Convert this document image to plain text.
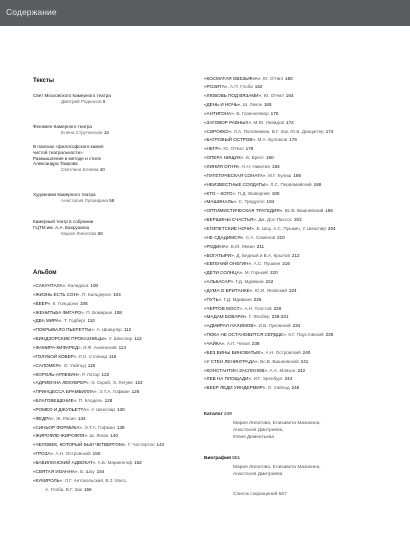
Содержание
Тексты
Свет Московского Камерного театра
Дмитрий Родионов 8
Феномен Камерного театра
Елена Струтинская 16
В поисках «философского камня
чистой театральности».
Размышления в методе и стиле
Александра Таирова
Светлана Еляева 40
Художники Камерного театра
Анастасия Лупандина 58
Камерный театр в собрании
ГЦТМ им. А.А. Бахрушина
Мария Липатова 88
Альбом
«САКУНТАЛА». Калидаса 100
«ЖИЗНЬ ЕСТЬ СОН». П. Кальдерон 104
«ВЕЕР». К. Гольдони 106
«ЖЕНИТЬБА ФИГАРО». П. Бомарше 108
«ДВА МИРА». Т. Годберг 110
«ПОКРЫВАЛО ПЬЕРЕТТЫ». А. Шницлер 112
«ВИНДЗОРСКИЕ ПРОКАЗНИЦЫ». У. Шекспир 112
«ФАМИРА-КИФАРЕД». И.Ф. Анненский 114
«ГОЛУБОЙ КОВЕР». Л.Н. Столица 116
«САЛОМЕЯ». О. Уайльд 118
«КОРОЛЬ-АРЛЕКИН». Р. Лотар 122
«АДРИЕННА ЛЕКУВРЕР». Э. Скриб, Э. Легуве 124
«ПРИНЦЕССА БРАМБИЛЛА». Э.Т.А. Гофман 126
«БЛАГОВЕЩЕНИЕ». П. Клодель 128
«РОМЕО И ДЖУЛЬЕТТА». У. Шекспир 130
«ФЕДРА». Ж. Расин 134
«СИНЬОР ФОРМИКА». Э.Т.А. Гофман 138
«ЖИРОФЛЕ-ЖИРОФЛЯ». Ш. Лекок 140
«ЧЕЛОВЕК, КОТОРЫЙ БЫЛ ЧЕТВЕРГОМ». Г. Честертон 144
«ГРОЗА». А.Н. Островский 150
«ВАВИЛОНСКИЙ АДВОКАТ». А.Б. Мариенгоф 152
«СВЯТАЯ ИОАННА». Б. Шоу 154
«КУКИРОЛЬ». Л.Г. Антокольский, В.З. Масс,
А. Глоба, В.Г. Зак 156
«КОСМАТАЯ ОБЕЗЬЯНА». Ю. О'Нил 160
«РОЗИТА». А.П. Глоба 162
«ЛЮБОВЬ ПОД ВЯЗАМИ». Ю. О'Нил 164
«ДЕНЬ И НОЧЬ». Ш. Лекок 166
«АНТИГОНА». В. Газенклевер 170
«ЗАГОВОР РАВНЫХ». М.Ю. Левидов 172
«СИРОККО». Л.А. Поповникин, В.Г. Зак, Ю.Б. Данциггер 174
«БАГРОВЫЙ ОСТРОВ». М.А. Булгаков 176
«НЕГР». Ю. О'Нил 178
«ОПЕРА НИЩИХ». Б. Брехт 180
«ЛИНИЯ ОГНЯ». Н.Н. Никитин 184
«ПАТЕТИЧЕСКАЯ СОНАТА». М.Г. Кулиш 186
«НЕИЗВЕСТНЫЕ СОЛДАТЫ». Л.С. Первомайский 188
«КТО – КОГО». П.Д. Жаворнев 190
«МАШИНАЛЬ». С. Тредуэлл 194
«ОПТИМИСТИЧЕСКАЯ ТРАГЕДИЯ». Вс.В. Вишневский 196
«ВЕРШИНЫ СЧАСТЬЯ». Дж. Дос-Пассос 202
«ЕГИПЕТСКИЕ НОЧИ». Б. Шоу, А.С. Пушкин, У. Шекспир 204
«НЕ СДАДИМСЯ». С.А. Семенов 210
«РОДИНА». Б.М. Левин 211
«БОГАТЫРИ». Д. Бедный и В.А. Крылов 212
«ЕВГЕНИЙ ОНЕГИН». А.С. Пушкин 216
«ДЕТИ СОЛНЦА». М. Горький 220
«АЛЬКАСАР». Г.Д. Мдивани 222
«ДУМА О БРИТАНКЕ». Ю.И. Яновский 224
«ПУТЬ». Г.Д. Мдивани 225
«ЧЕРТОВ МОСТ». А.Н. Толстой 226
«МАДАМ БОВАРИ». Г. Флобер 228-231
«АДМИРАЛ НАХИМОВ». И.В. Луковский 234
«ПОКА НЕ ОСТАНОВИТСЯ СЕРДЦЕ». К.Г. Паустовский 236
«ЧАЙКА». А.П. Чехов 238
«БЕЗ ВИНЫ ВИНОВАТЫЕ». А.Н. Островский 240
«У СТЕН ЛЕНИНГРАДА». Вс.В. Вишневский 241
«КОНСТАНТИН ЗАСЛОНОВ». А.А. Мовзон 242
«ЛЕВ НА ПЛОЩАДИ». И.Г. Эренбург 244
«ВЕЕР ЛЕДИ УИНДЕРМИР». О. Уайльд 246
Каталог 249
Мария Липатова, Елизавета Мазихина,
Анастасия Дмитриева,
Юлия Дементьева
Биография 551
Мария Липатова, Елизавета Мазихина,
Анастасия Дмитриева
Список сокращений 567
